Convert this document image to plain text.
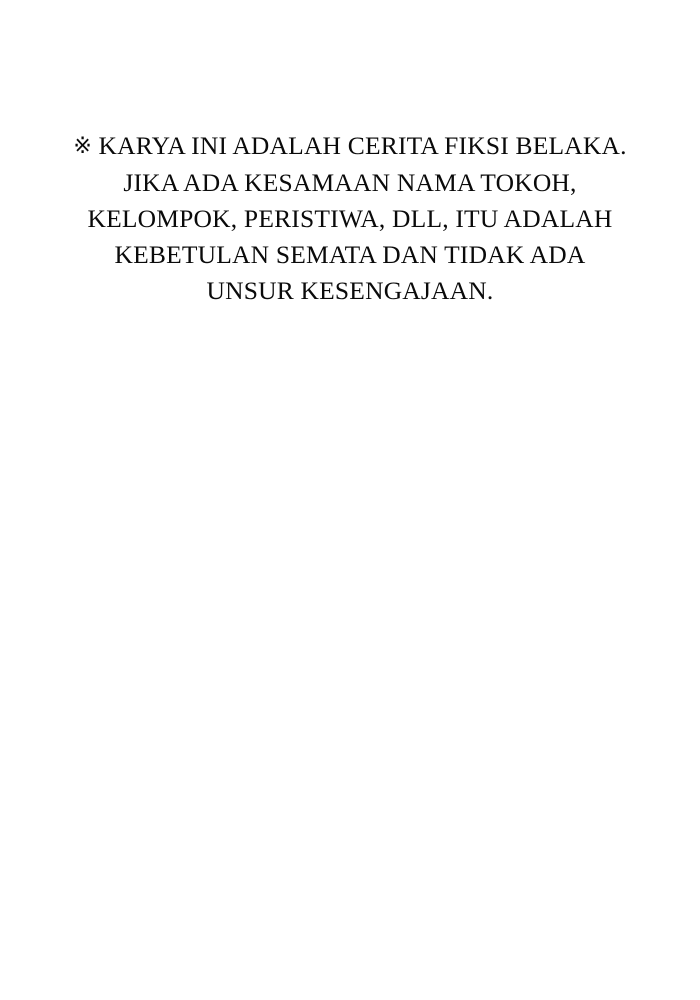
※ KARYA INI ADALAH CERITA FIKSI BELAKA.
JIKA ADA KESAMAAN NAMA TOKOH,
KELOMPOK, PERISTIWA, DLL, ITU ADALAH
KEBETULAN SEMATA DAN TIDAK ADA
UNSUR KESENGAJAAN.
